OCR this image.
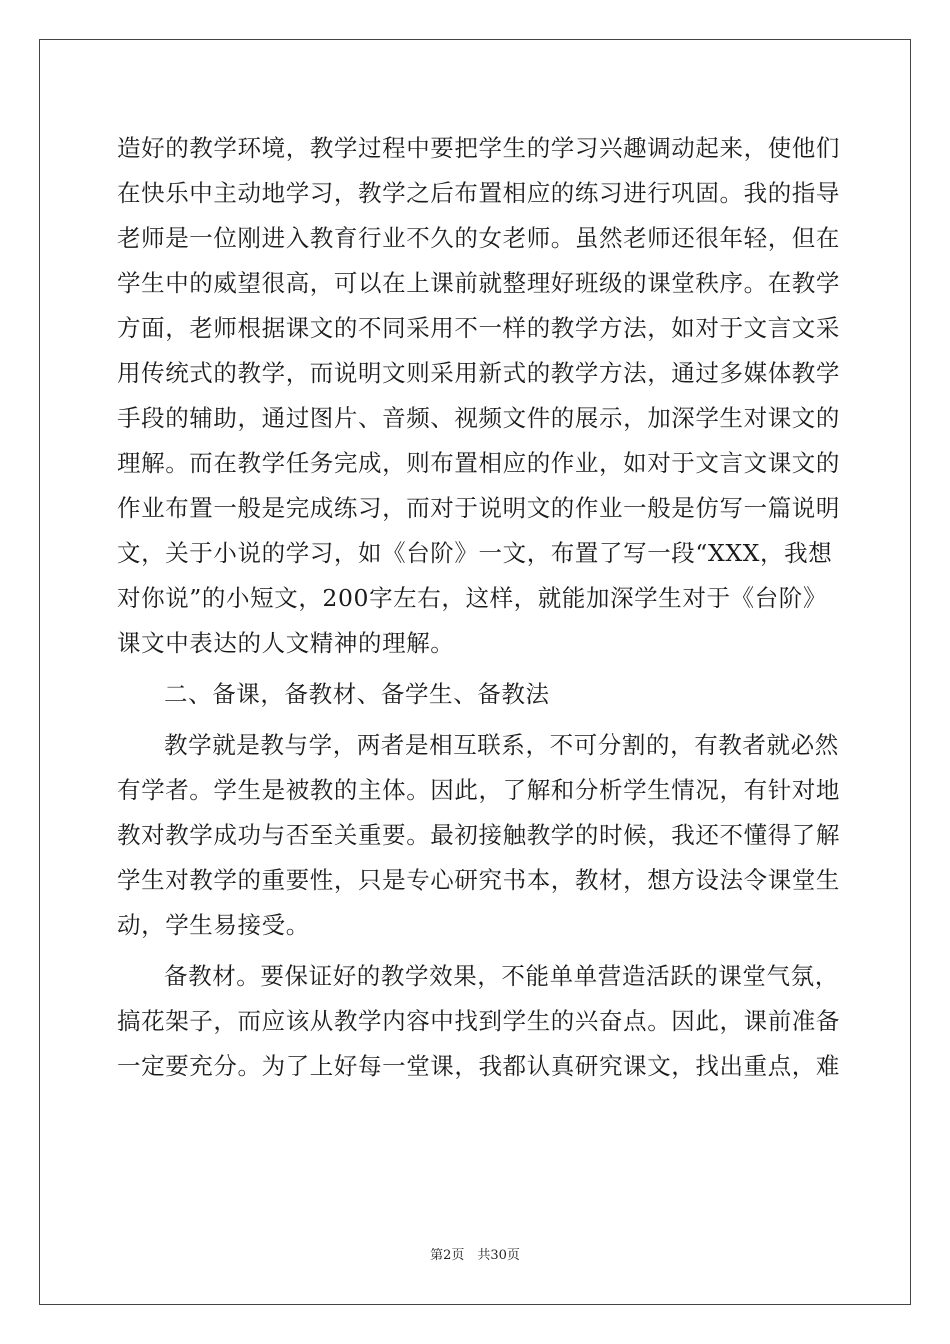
造好的教学环境，教学过程中要把学生的学习兴趣调动起来，使他们
在快乐中主动地学习，教学之后布置相应的练习进行巩固。我的指导
老师是一位刚进入教育行业不久的女老师。虽然老师还很年轻，但在
学生中的威望很高，可以在上课前就整理好班级的课堂秩序。在教学
方面，老师根据课文的不同采用不一样的教学方法，如对于文言文采
用传统式的教学，而说明文则采用新式的教学方法，通过多媒体教学
手段的辅助，通过图片、音频、视频文件的展示，加深学生对课文的
理解。而在教学任务完成，则布置相应的作业，如对于文言文课文的
作业布置一般是完成练习，而对于说明文的作业一般是仿写一篇说明
文，关于小说的学习，如《台阶》一文，布置了写一段“XXX，我想
对你说”的小短文，200字左右，这样，就能加深学生对于《台阶》
课文中表达的人文精神的理解。
二、备课，备教材、备学生、备教法
教学就是教与学，两者是相互联系，不可分割的，有教者就必然
有学者。学生是被教的主体。因此，了解和分析学生情况，有针对地
教对教学成功与否至关重要。最初接触教学的时候，我还不懂得了解
学生对教学的重要性，只是专心研究书本，教材，想方设法令课堂生
动，学生易接受。
备教材。要保证好的教学效果，不能单单营造活跃的课堂气氛，
搞花架子，而应该从教学内容中找到学生的兴奋点。因此，课前准备
一定要充分。为了上好每一堂课，我都认真研究课文，找出重点，难
第2页　共30页
